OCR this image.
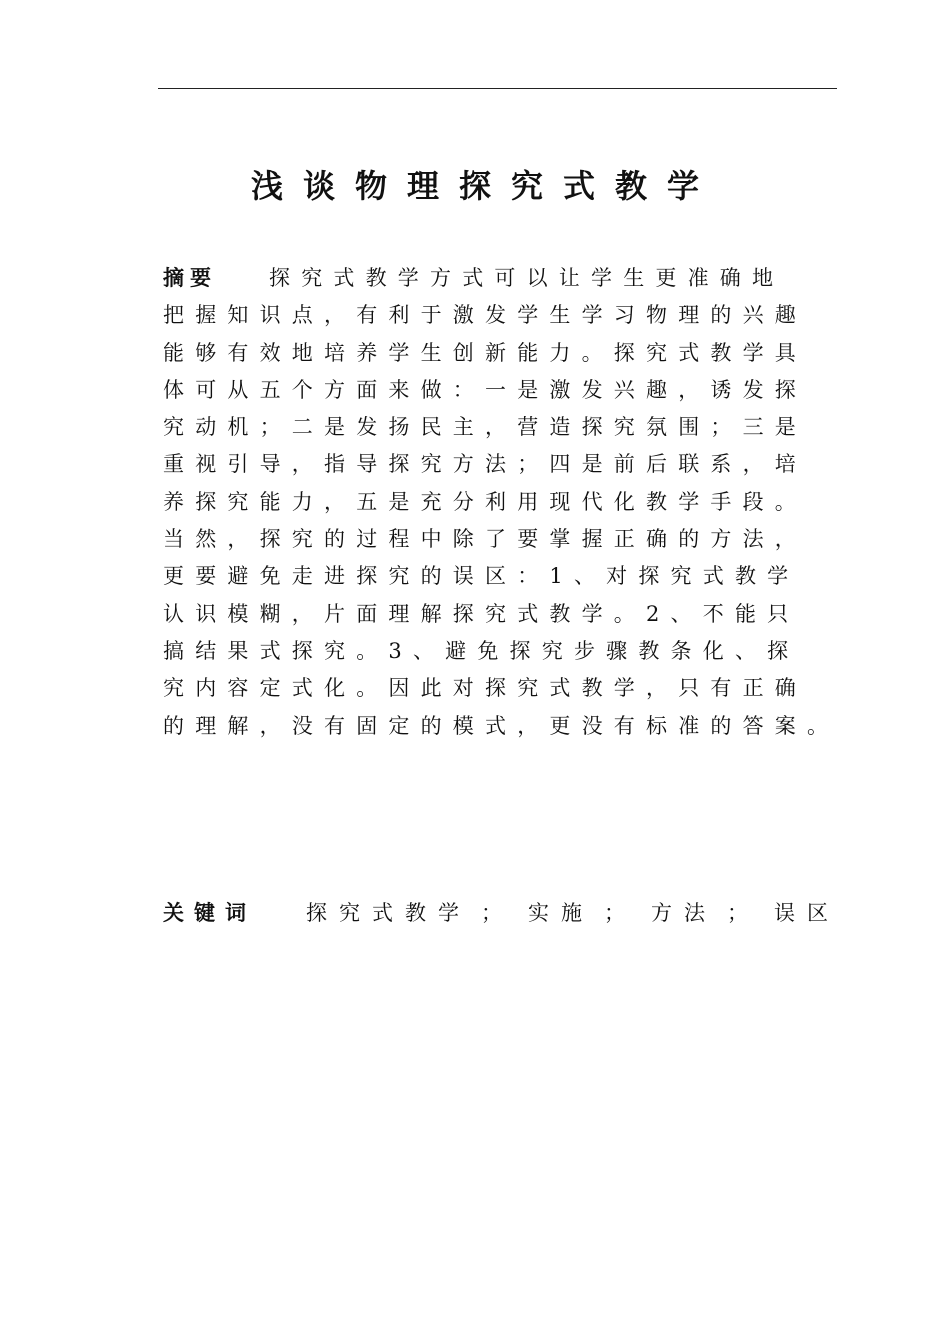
浅谈物理探究式教学
摘要 探究式教学方式可以让学生更准确地
把握知识点，有利于激发学生学习物理的兴趣
能够有效地培养学生创新能力。探究式教学具
体可从五个方面来做：一是激发兴趣，诱发探
究动机；二是发扬民主，营造探究氛围；三是
重视引导，指导探究方法；四是前后联系，培
养探究能力，五是充分利用现代化教学手段。
当然，探究的过程中除了要掌握正确的方法，
更要避免走进探究的误区：1、对探究式教学
认识模糊，片面理解探究式教学。2、不能只
搞结果式探究。3、避免探究步骤教条化、探
究内容定式化。因此对探究式教学，只有正确
的理解，没有固定的模式，更没有标准的答案。
关键词 探究式教学 ； 实施 ； 方法 ； 误区
